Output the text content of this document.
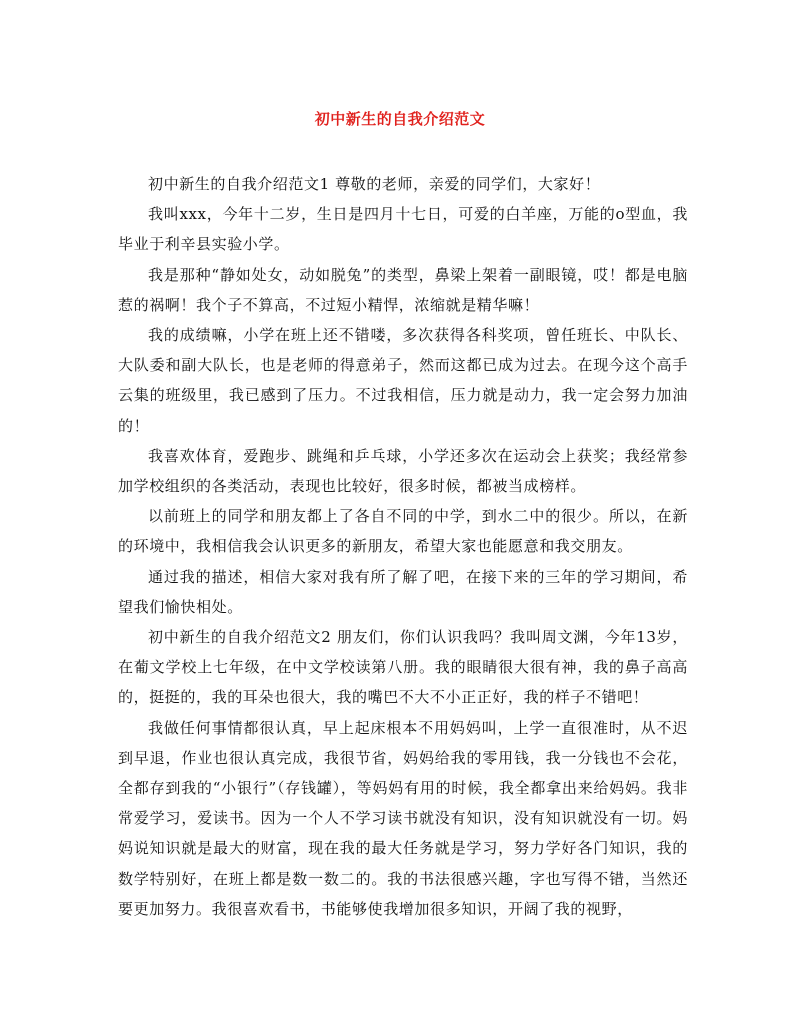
初中新生的自我介绍范文

初中新生的自我介绍范文1 尊敬的老师，亲爱的同学们，大家好！

我叫xxx，今年十二岁，生日是四月十七日，可爱的白羊座，万能的o型血，我毕业于利辛县实验小学。

我是那种“静如处女，动如脱兔”的类型，鼻梁上架着一副眼镜，哎！都是电脑惹的祸啊！我个子不算高，不过短小精悍，浓缩就是精华嘛！

我的成绩嘛，小学在班上还不错喽，多次获得各科奖项，曾任班长、中队长、大队委和副大队长，也是老师的得意弟子，然而这都已成为过去。在现今这个高手云集的班级里，我已感到了压力。不过我相信，压力就是动力，我一定会努力加油的！

我喜欢体育，爱跑步、跳绳和乒乓球，小学还多次在运动会上获奖；我经常参加学校组织的各类活动，表现也比较好，很多时候，都被当成榜样。

以前班上的同学和朋友都上了各自不同的中学，到水二中的很少。所以，在新的环境中，我相信我会认识更多的新朋友，希望大家也能愿意和我交朋友。

通过我的描述，相信大家对我有所了解了吧，在接下来的三年的学习期间，希望我们愉快相处。

初中新生的自我介绍范文2 朋友们，你们认识我吗？我叫周文渊，今年13岁，在葡文学校上七年级，在中文学校读第八册。我的眼睛很大很有神，我的鼻子高高的，挺挺的，我的耳朵也很大，我的嘴巴不大不小正正好，我的样子不错吧！

我做任何事情都很认真，早上起床根本不用妈妈叫，上学一直很准时，从不迟到早退，作业也很认真完成，我很节省，妈妈给我的零用钱，我一分钱也不会花，全都存到我的“小银行”（存钱罐），等妈妈有用的时候，我全都拿出来给妈妈。我非常爱学习，爱读书。因为一个人不学习读书就没有知识，没有知识就没有一切。妈妈说知识就是最大的财富，现在我的最大任务就是学习，努力学好各门知识，我的数学特别好，在班上都是数一数二的。我的书法很感兴趣，字也写得不错，当然还要更加努力。我很喜欢看书，书能够使我增加很多知识，开阔了我的视野，
